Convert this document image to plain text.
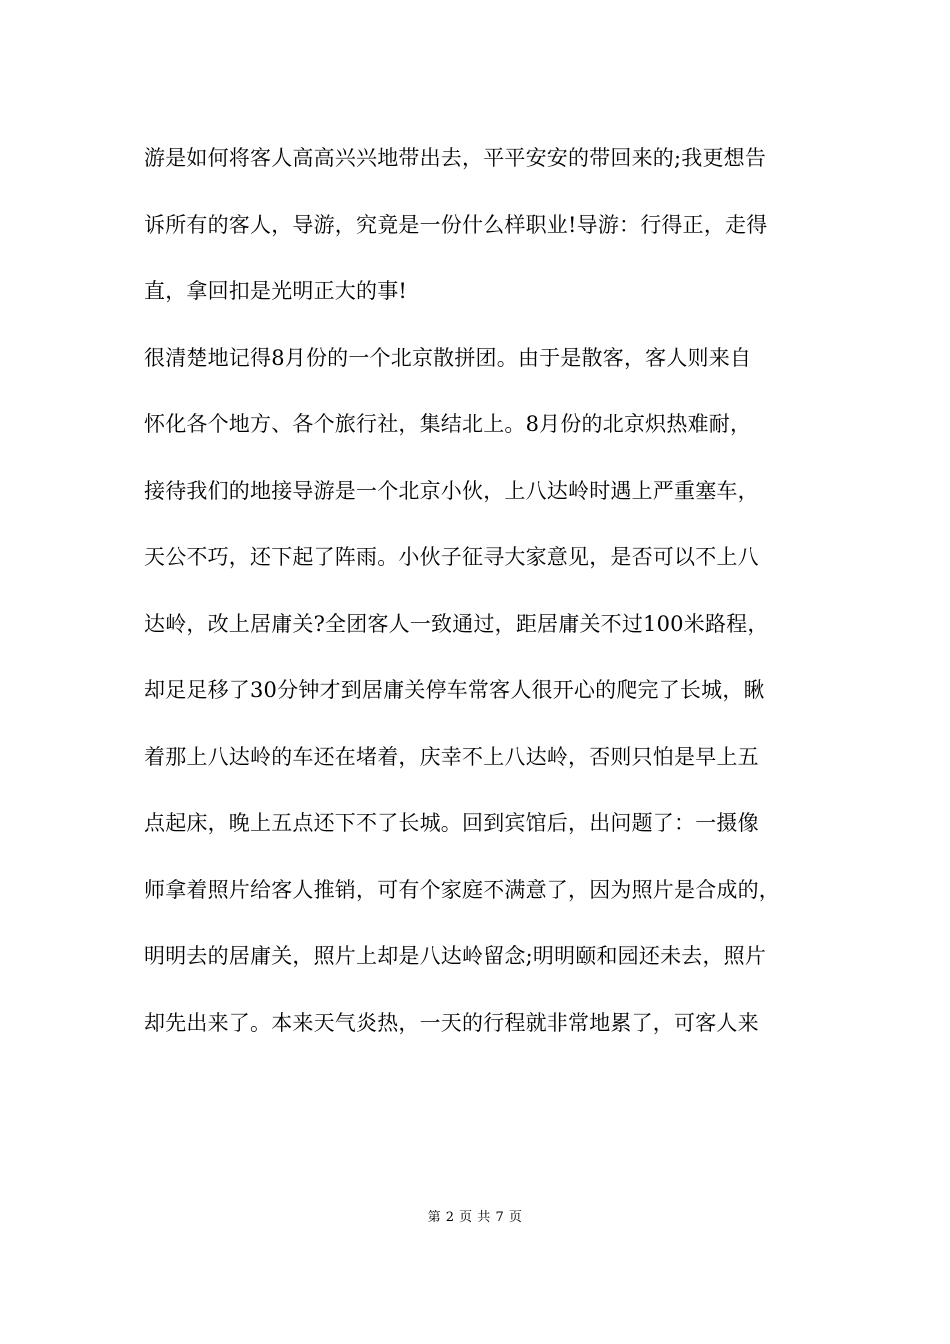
游是如何将客人高高兴兴地带出去，平平安安的带回来的;我更想告
诉所有的客人，导游，究竟是一份什么样职业!导游：行得正，走得
直，拿回扣是光明正大的事!
很清楚地记得8月份的一个北京散拼团。由于是散客，客人则来自
怀化各个地方、各个旅行社，集结北上。8月份的北京炽热难耐，
接待我们的地接导游是一个北京小伙，上八达岭时遇上严重塞车，
天公不巧，还下起了阵雨。小伙子征寻大家意见，是否可以不上八
达岭，改上居庸关?全团客人一致通过，距居庸关不过100米路程，
却足足移了30分钟才到居庸关停车常客人很开心的爬完了长城，瞅
着那上八达岭的车还在堵着，庆幸不上八达岭，否则只怕是早上五
点起床，晚上五点还下不了长城。回到宾馆后，出问题了：一摄像
师拿着照片给客人推销，可有个家庭不满意了，因为照片是合成的，
明明去的居庸关，照片上却是八达岭留念;明明颐和园还未去，照片
却先出来了。本来天气炎热，一天的行程就非常地累了，可客人来
第 2 页 共 7 页
